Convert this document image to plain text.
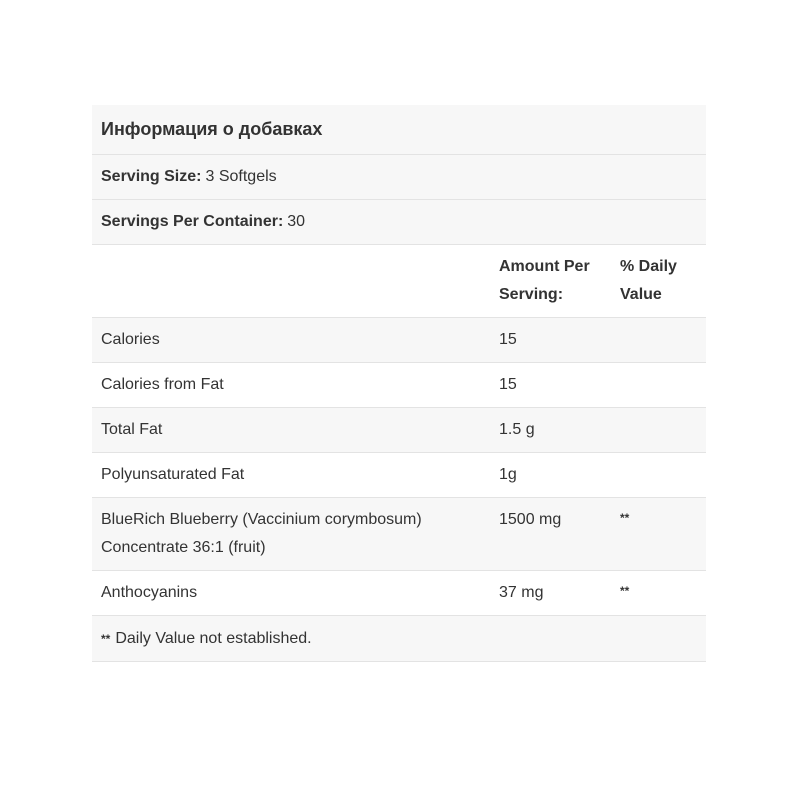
Информация о добавках
Serving Size: 3 Softgels
Servings Per Container: 30
	Amount Per Serving:	% Daily Value
Calories	15	
Calories from Fat	15	
Total Fat	1.5 g	
Polyunsaturated Fat	1g	
BlueRich Blueberry (Vaccinium corymbosum) Concentrate 36:1 (fruit)	1500 mg	**
Anthocyanins	37 mg	**
** Daily Value not established.
